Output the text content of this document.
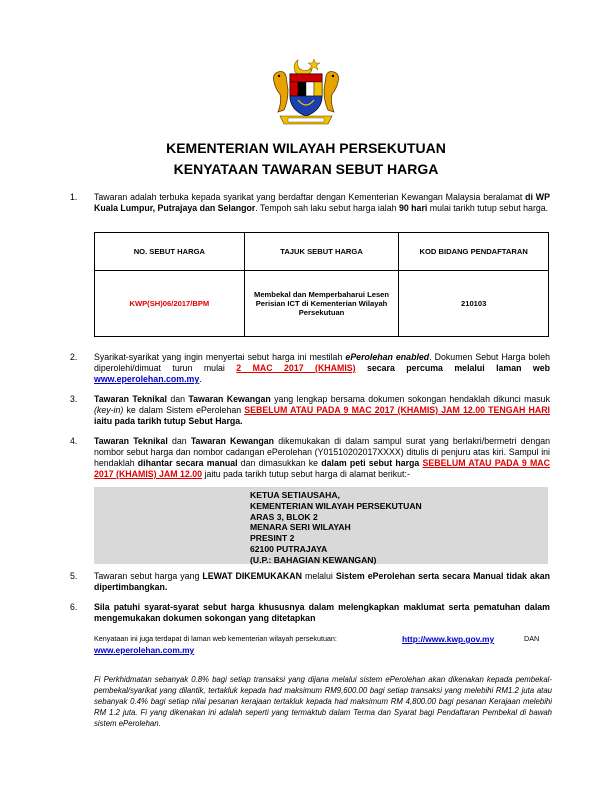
KEMENTERIAN WILAYAH PERSEKUTUAN
KENYATAAN TAWARAN SEBUT HARGA
1. Tawaran adalah terbuka kepada syarikat yang berdaftar dengan Kementerian Kewangan Malaysia beralamat di WP Kuala Lumpur, Putrajaya dan Selangor. Tempoh sah laku sebut harga ialah 90 hari mulai tarikh tutup sebut harga.
NO. SEBUT HARGA	TAJUK SEBUT HARGA	KOD BIDANG PENDAFTARAN
KWP(SH)06/2017/BPM	Membekal dan Memperbaharui Lesen Perisian ICT di Kementerian Wilayah Persekutuan	210103
2. Syarikat-syarikat yang ingin menyertai sebut harga ini mestilah ePerolehan enabled. Dokumen Sebut Harga boleh diperolehi/dimuat turun mulai 2 MAC 2017 (KHAMIS) secara percuma melalui laman web www.eperolehan.com.my.
3. Tawaran Teknikal dan Tawaran Kewangan yang lengkap bersama dokumen sokongan hendaklah dikunci masuk (key-in) ke dalam Sistem ePerolehan SEBELUM ATAU PADA 9 MAC 2017 (KHAMIS) JAM 12.00 TENGAH HARI iaitu pada tarikh tutup Sebut Harga.
4. Tawaran Teknikal dan Tawaran Kewangan dikemukakan di dalam sampul surat yang berlakri/bermetri dengan nombor sebut harga dan nombor cadangan ePerolehan (Y01510202017XXXX) ditulis di penjuru atas kiri. Sampul ini hendaklah dihantar secara manual dan dimasukkan ke dalam peti sebut harga SEBELUM ATAU PADA 9 MAC 2017 (KHAMIS) JAM 12.00 jaitu pada tarikh tutup sebut harga di alamat berikut:-
KETUA SETIAUSAHA,
KEMENTERIAN WILAYAH PERSEKUTUAN
ARAS 3, BLOK 2
MENARA SERI WILAYAH
PRESINT 2
62100 PUTRAJAYA
(U.P.: BAHAGIAN KEWANGAN)
5. Tawaran sebut harga yang LEWAT DIKEMUKAKAN melalui Sistem ePerolehan serta secara Manual tidak akan dipertimbangkan.
6. Sila patuhi syarat-syarat sebut harga khususnya dalam melengkapkan maklumat serta pematuhan dalam mengemukakan dokumen sokongan yang ditetapkan
Kenyataan ini juga terdapat di laman web kementerian wilayah persekutuan:	http://www.kwp.gov.my	DAN
www.eperolehan.com.my
Fi Perkhidmatan sebanyak 0.8% bagi setiap transaksi yang dijana melalui sistem ePerolehan akan dikenakan kepada pembekal-pembekal/syarikat yang dilantik, tertakluk kepada had maksimum RM9,600.00 bagi setiap transaksi yang melebihi RM1.2 juta atau sebanyak 0.4% bagi setiap nilai pesanan kerajaan tertakluk kepada had maksimum RM 4,800.00 bagi pesanan Kerajaan melebihi RM 1.2 juta. Fi yang dikenakan ini adalah seperti yang termaktub dalam Terma dan Syarat bagi Pendaftaran Pembekal di bawah sistem ePerolehan.
